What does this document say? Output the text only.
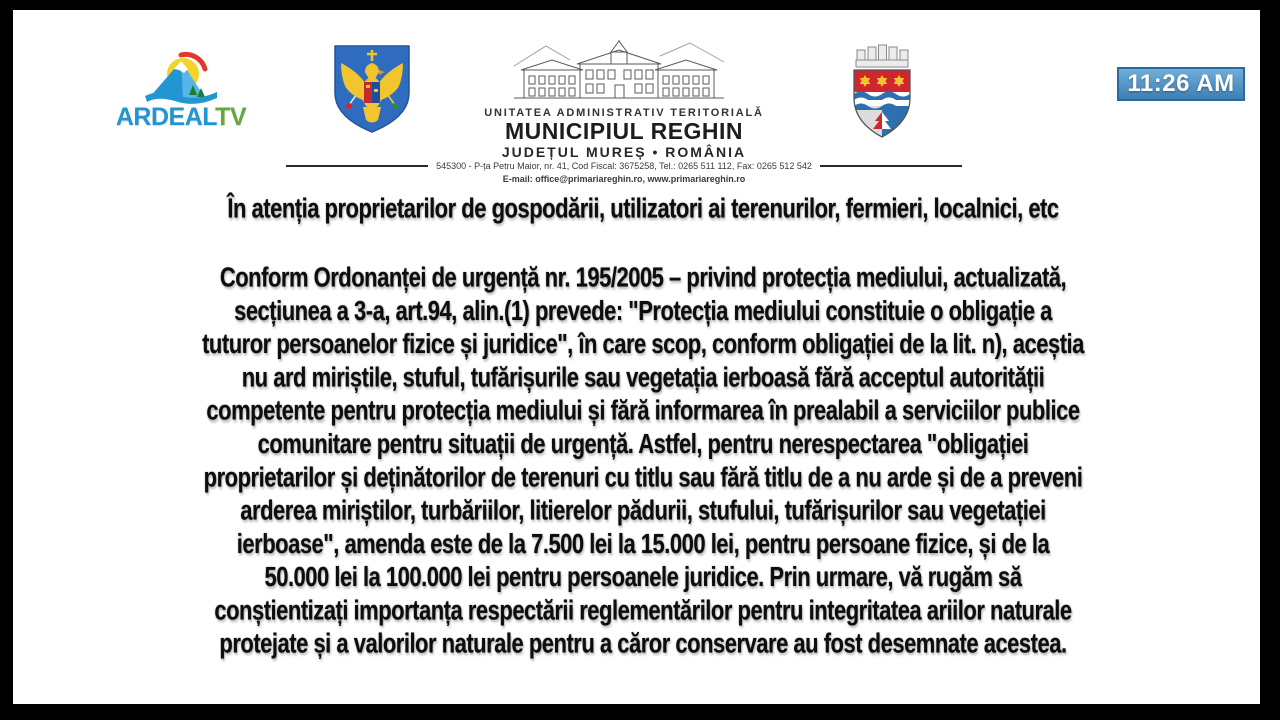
ARDEALTV	UNITATEA ADMINISTRATIV TERITORIALĂ
MUNICIPIUL REGHIN
JUDEȚUL MUREȘ • ROMÂNIA
545300 - P-ța Petru Maior, nr. 41, Cod Fiscal: 3675258, Tel.: 0265 511 112, Fax: 0265 512 542
E-mail: office@primariareghin.ro, www.primariareghin.ro
11:26 AM
În atenția proprietarilor de gospodării, utilizatori ai terenurilor, fermieri, localnici, etc
Conform Ordonanței de urgență nr. 195/2005 – privind protecția mediului, actualizată,
secțiunea a 3-a, art.94, alin.(1) prevede: "Protecția mediului constituie o obligație a
tuturor persoanelor fizice și juridice", în care scop, conform obligației de la lit. n), aceștia
nu ard miriștile, stuful, tufărișurile sau vegetația ierboasă fără acceptul autorității
competente pentru protecția mediului și fără informarea în prealabil a serviciilor publice
comunitare pentru situații de urgență. Astfel, pentru nerespectarea "obligației
proprietarilor și deținătorilor de terenuri cu titlu sau fără titlu de a nu arde și de a preveni
arderea miriștilor, turbăriilor, litierelor pădurii, stufului, tufărișurilor sau vegetației
ierboase", amenda este de la 7.500 lei la 15.000 lei, pentru persoane fizice, și de la
50.000 lei la 100.000 lei pentru persoanele juridice. Prin urmare, vă rugăm să
conștientizați importanța respectării reglementărilor pentru integritatea ariilor naturale
protejate și a valorilor naturale pentru a căror conservare au fost desemnate acestea.
